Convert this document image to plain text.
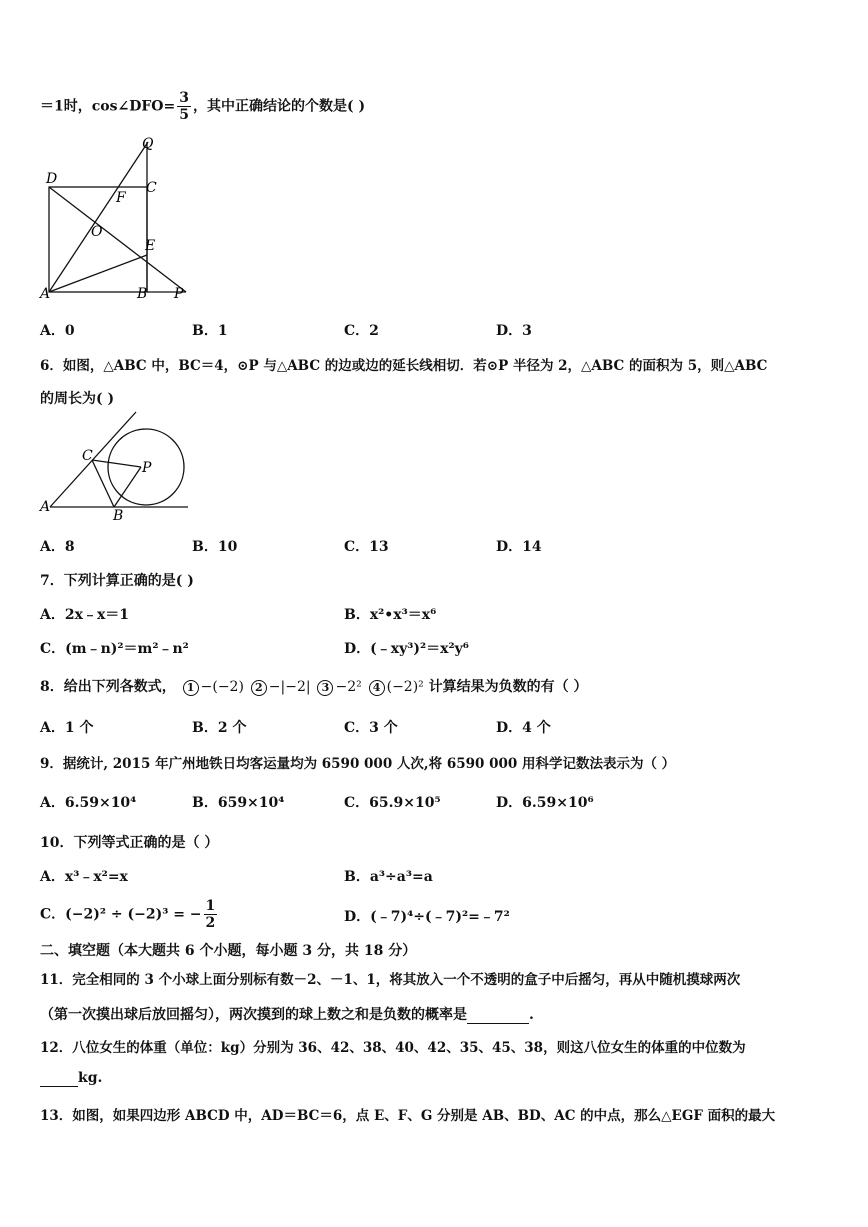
＝1时，cos∠DFO= $\frac{3}{5}$ ，其中正确结论的个数是( )
Q
D
C
F
O
E
A	B P
A．0	B．1	C．2	D．3
6．如图，△ABC 中，BC＝4，⊙P 与△ABC 的边或边的延长线相切．若⊙P 半径为 2，△ABC 的面积为 5，则△ABC
的周长为( )
C
P
A
B
A．8	B．10	C．13	D．14
7．下列计算正确的是( )
A．2x﹣x＝1	B．x²•x³＝x⁶
C．(m﹣n)²＝m²﹣n²	D．(﹣xy³)²＝x²y⁶
8．给出下列各数式， 1 −(−2) 2 −|−2| 3 −2² 4 (−2)² 计算结果为负数的有（ ）
A．1 个	B．2 个	C．3 个	D．4 个
9．据统计, 2015 年广州地铁日均客运量均为 6590 000 人次,将 6590 000 用科学记数法表示为（ ）
A．6.59×10⁴	B．659×10⁴	C．65.9×10⁵	D．6.59×10⁶
10．下列等式正确的是（ ）
A．x³﹣x²=x	B．a³÷a³=a
C．(−2)² ÷ (−2)³ = − $\frac{1}{2}$	D．(﹣7)⁴÷(﹣7)²=﹣7²
二、填空题（本大题共 6 个小题，每小题 3 分，共 18 分）
11．完全相同的 3 个小球上面分别标有数－2、－1、1，将其放入一个不透明的盒子中后摇匀，再从中随机摸球两次
（第一次摸出球后放回摇匀），两次摸到的球上数之和是负数的概率是	.
12．八位女生的体重（单位：kg）分别为 36、42、38、40、42、35、45、38，则这八位女生的体重的中位数为
kg.
13．如图，如果四边形 ABCD 中，AD＝BC＝6，点 E、F、G 分别是 AB、BD、AC 的中点，那么△EGF 面积的最大
